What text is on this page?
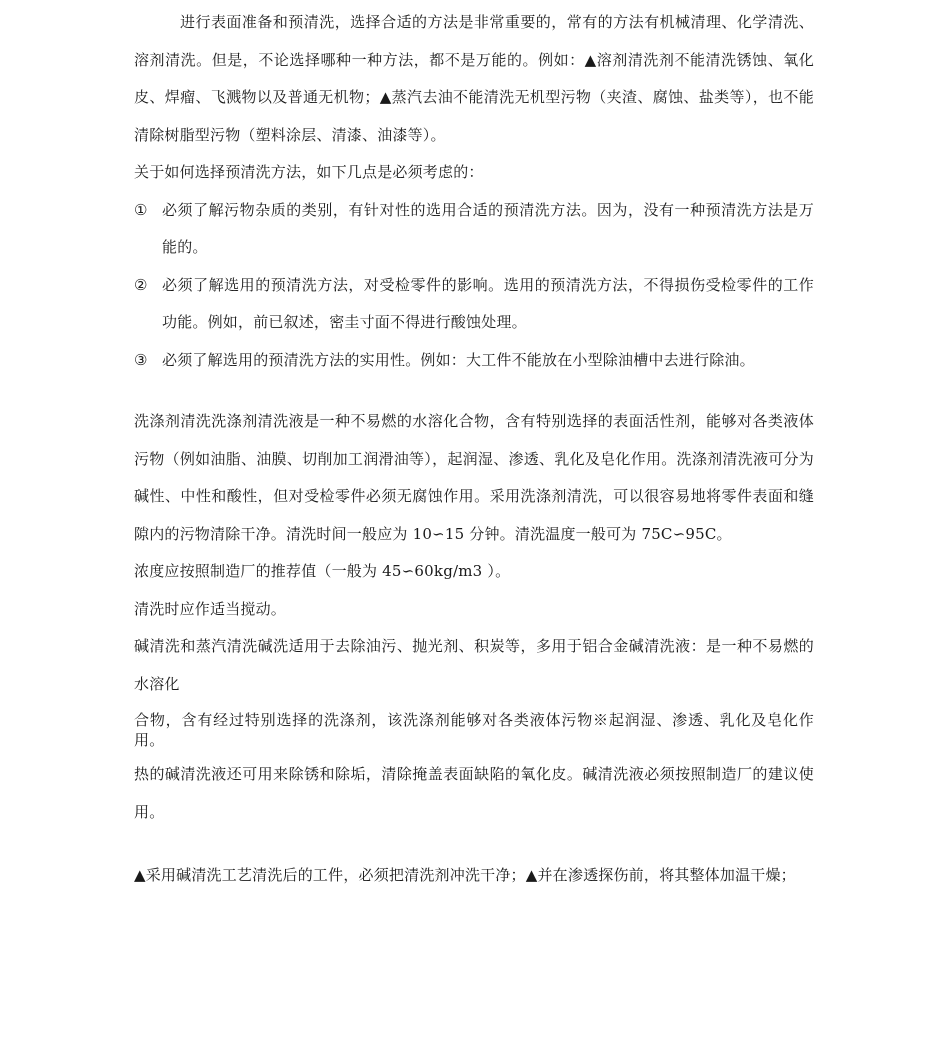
进行表面准备和预清洗，选择合适的方法是非常重要的，常有的方法有机械清理、化学清洗、溶剂清洗。但是，不论选择哪种一种方法，都不是万能的。例如：▲溶剂清洗剂不能清洗锈蚀、氧化皮、焊瘤、飞溅物以及普通无机物；▲蒸汽去油不能清洗无机型污物（夹渣、腐蚀、盐类等），也不能清除树脂型污物（塑料涂层、清漆、油漆等）。

关于如何选择预清洗方法，如下几点是必须考虑的：

① 必须了解污物杂质的类别，有针对性的选用合适的预清洗方法。因为，没有一种预清洗方法是万能的。
② 必须了解选用的预清洗方法，对受检零件的影响。选用的预清洗方法，不得损伤受检零件的工作功能。例如，前已叙述，密圭寸面不得进行酸蚀处理。
③ 必须了解选用的预清洗方法的实用性。例如：大工件不能放在小型除油槽中去进行除油。

洗涤剂清洗洗涤剂清洗液是一种不易燃的水溶化合物，含有特别选择的表面活性剂，能够对各类液体污物（例如油脂、油膜、切削加工润滑油等），起润湿、渗透、乳化及皂化作用。洗涤剂清洗液可分为碱性、中性和酸性，但对受检零件必须无腐蚀作用。采用洗涤剂清洗，可以很容易地将零件表面和缝隙内的污物清除干净。清洗时间一般应为 10∽15 分钟。清洗温度一般可为 75C∽95C。

浓度应按照制造厂的推荐值（一般为 45∽60kg/m3 ）。

清洗时应作适当搅动。

碱清洗和蒸汽清洗碱洗适用于去除油污、抛光剂、积炭等，多用于铝合金碱清洗液：是一种不易燃的水溶化

合物，含有经过特别选择的洗涤剂，该洗涤剂能够对各类液体污物※起润湿、渗透、乳化及皂化作用。

热的碱清洗液还可用来除锈和除垢，清除掩盖表面缺陷的氧化皮。碱清洗液必须按照制造厂的建议使用。

▲采用碱清洗工艺清洗后的工件，必须把清洗剂冲洗干净；▲并在渗透探伤前，将其整体加温干燥；
